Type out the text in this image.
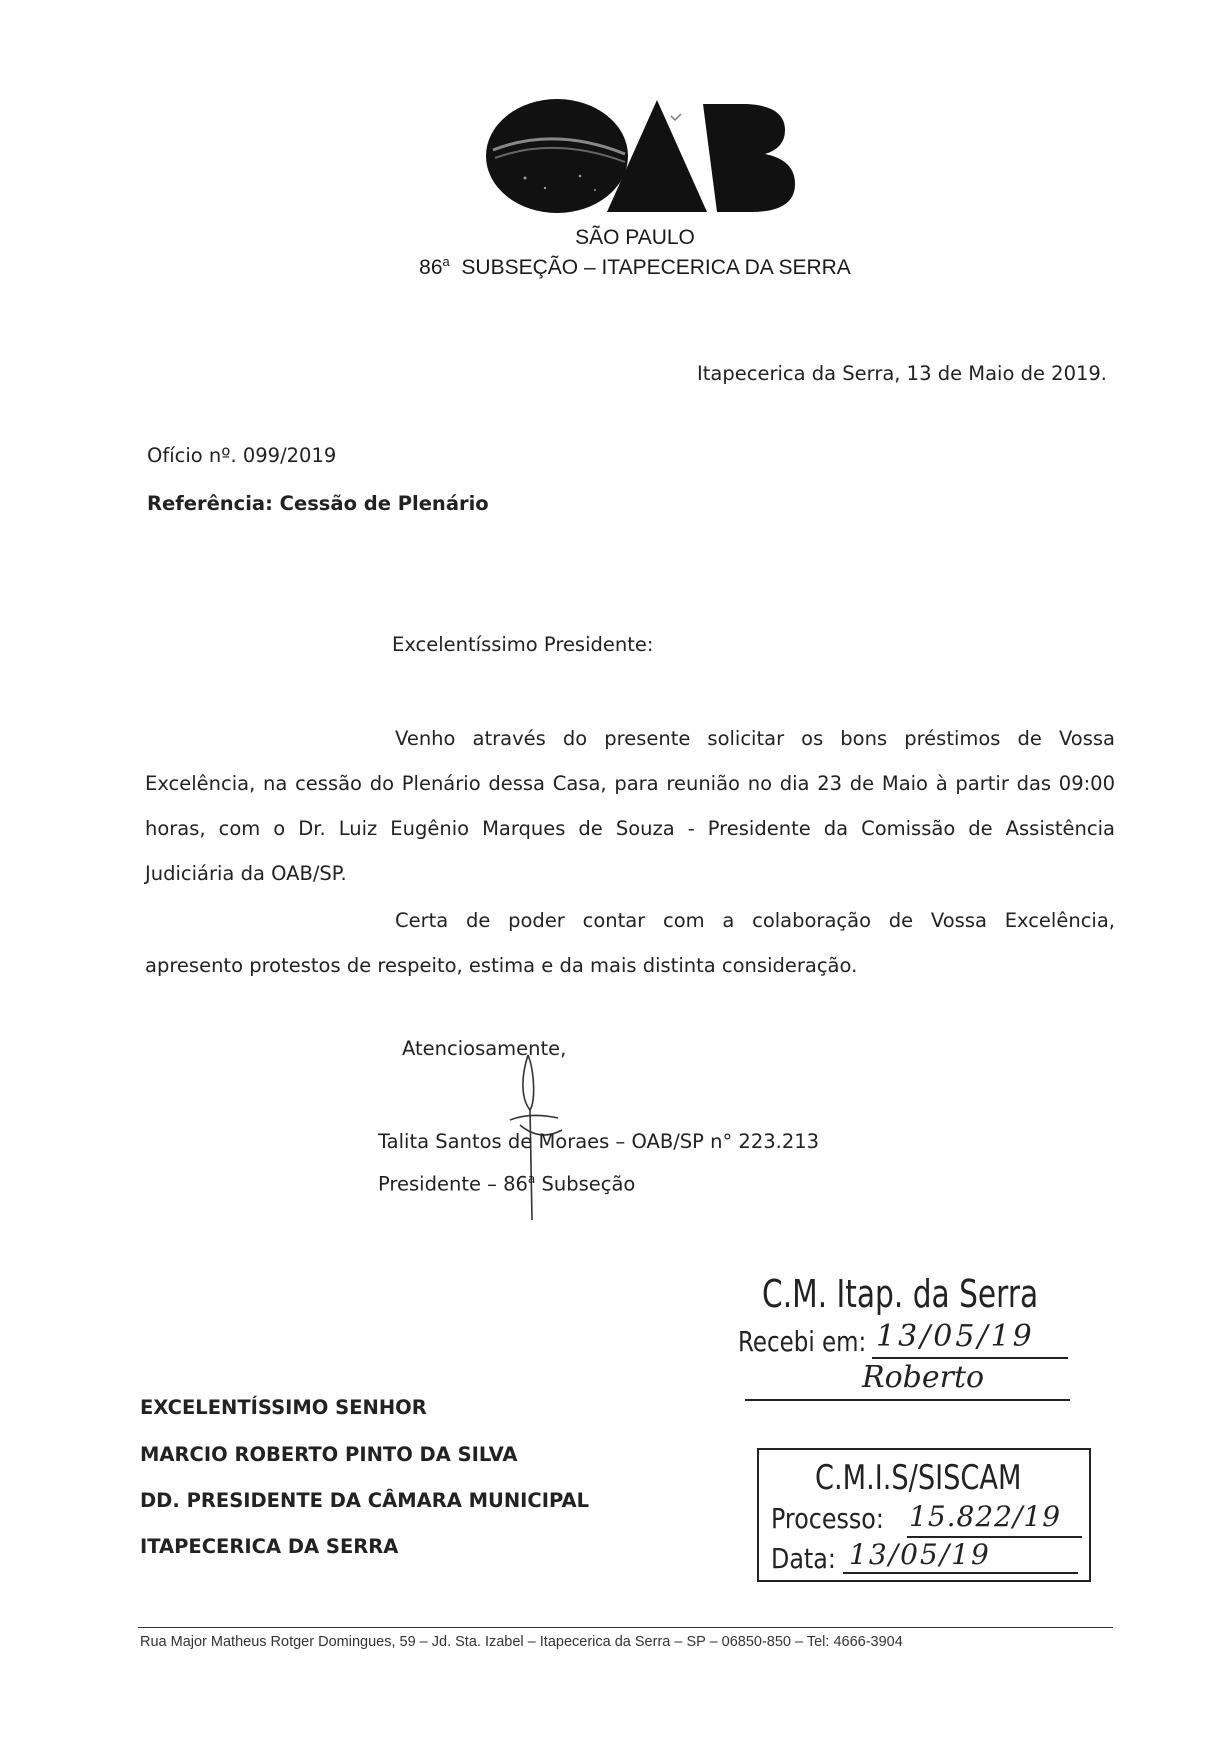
SÃO PAULO
86$^a$ SUBSEÇÃO – ITAPECERICA DA SERRA
Itapecerica da Serra, 13 de Maio de 2019.
Ofício nº. 099/2019
Referência: Cessão de Plenário
Excelentíssimo Presidente:
Venho através do presente solicitar os bons préstimos de Vossa Excelência, na cessão do Plenário dessa Casa, para reunião no dia 23 de Maio à partir das 09:00 horas, com o Dr. Luiz Eugênio Marques de Souza - Presidente da Comissão de Assistência Judiciária da OAB/SP.
Certa de poder contar com a colaboração de Vossa Excelência, apresento protestos de respeito, estima e da mais distinta consideração.
Atenciosamente,
Talita Santos de Moraes – OAB/SP n° 223.213
Presidente – 86$^a$ Subseção
C.M. Itap. da Serra
Recebi em: 13/05/19
Roberto
EXCELENTÍSSIMO SENHOR
MARCIO ROBERTO PINTO DA SILVA
DD. PRESIDENTE DA CÂMARA MUNICIPAL
ITAPECERICA DA SERRA
C.M.I.S/SISCAM
Processo: 15.822/19
Data: 13/05/19
Rua Major Matheus Rotger Domingues, 59 – Jd. Sta. Izabel – Itapecerica da Serra – SP – 06850-850 – Tel: 4666-3904
